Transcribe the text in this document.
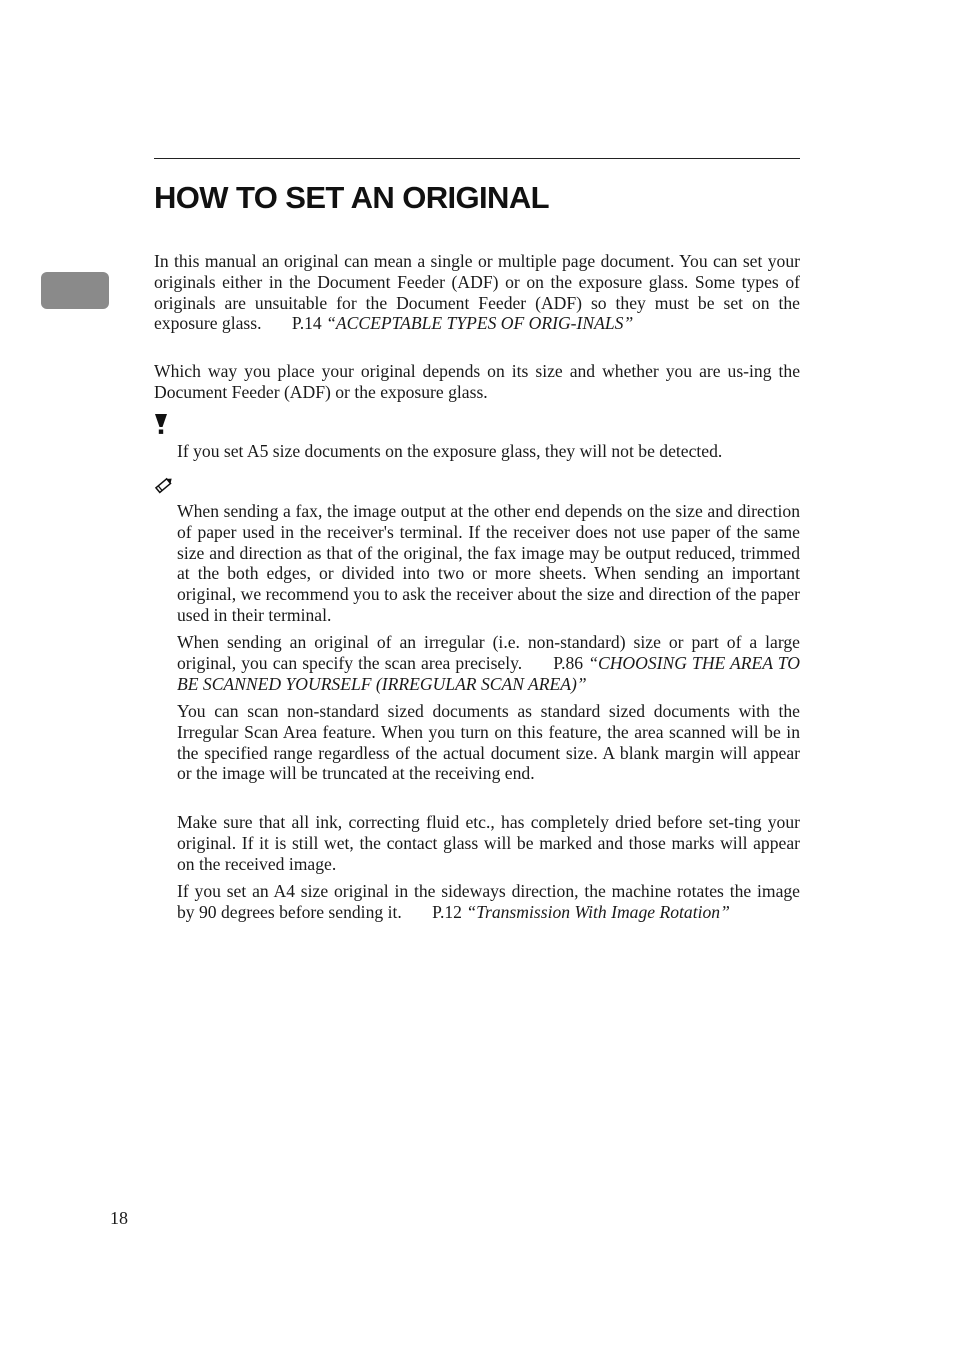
HOW TO SET AN ORIGINAL

In this manual an original can mean a single or multiple page document. You can set your originals either in the Document Feeder (ADF) or on the exposure glass. Some types of originals are unsuitable for the Document Feeder (ADF) so they must be set on the exposure glass. P.14 “ACCEPTABLE TYPES OF ORIG-INALS”

Which way you place your original depends on its size and whether you are us-ing the Document Feeder (ADF) or the exposure glass.

If you set A5 size documents on the exposure glass, they will not be detected.

When sending a fax, the image output at the other end depends on the size and direction of paper used in the receiver's terminal. If the receiver does not use paper of the same size and direction as that of the original, the fax image may be output reduced, trimmed at the both edges, or divided into two or more sheets. When sending an important original, we recommend you to ask the receiver about the size and direction of the paper used in their terminal.

When sending an original of an irregular (i.e. non-standard) size or part of a large original, you can specify the scan area precisely. P.86 “CHOOSING THE AREA TO BE SCANNED YOURSELF (IRREGULAR SCAN AREA)”

You can scan non-standard sized documents as standard sized documents with the Irregular Scan Area feature. When you turn on this feature, the area scanned will be in the specified range regardless of the actual document size. A blank margin will appear or the image will be truncated at the receiving end.

Make sure that all ink, correcting fluid etc., has completely dried before set-ting your original. If it is still wet, the contact glass will be marked and those marks will appear on the received image.

If you set an A4 size original in the sideways direction, the machine rotates the image by 90 degrees before sending it. P.12 “Transmission With Image Rotation”

18
